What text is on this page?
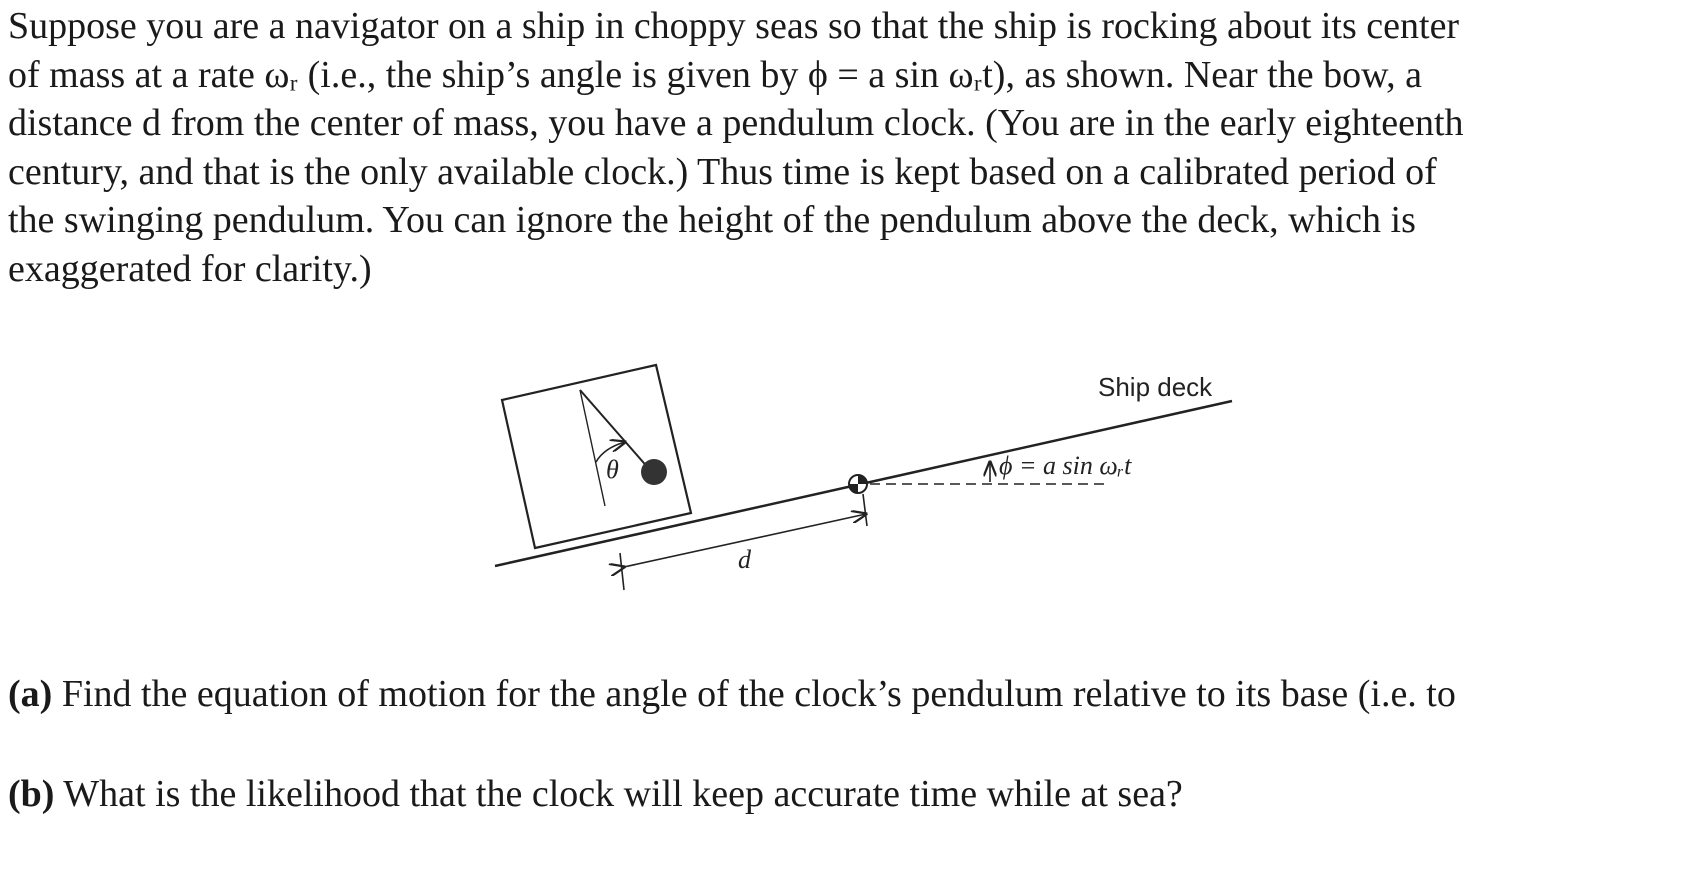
Suppose you are a navigator on a ship in choppy seas so that the ship is rocking about its center
of mass at a rate ωᵣ (i.e., the ship’s angle is given by ϕ = a sin ωᵣt), as shown. Near the bow, a
distance d from the center of mass, you have a pendulum clock. (You are in the early eighteenth
century, and that is the only available clock.) Thus time is kept based on a calibrated period of
the swinging pendulum. You can ignore the height of the pendulum above the deck, which is
exaggerated for clarity.)
θ
d
ϕ = a sin ωᵣt
Ship deck

(a) Find the equation of motion for the angle of the clock’s pendulum relative to its base (i.e. to

(b) What is the likelihood that the clock will keep accurate time while at sea?
